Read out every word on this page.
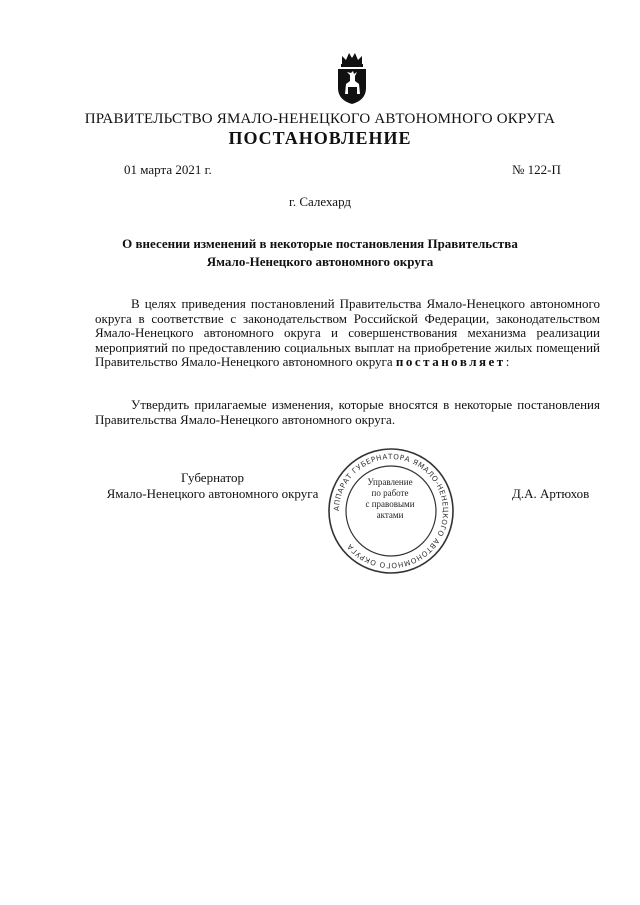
ПРАВИТЕЛЬСТВО ЯМАЛО-НЕНЕЦКОГО АВТОНОМНОГО ОКРУГА
ПОСТАНОВЛЕНИЕ
01 марта 2021 г.	№ 122-П
г. Салехард
О внесении изменений в некоторые постановления Правительства
Ямало-Ненецкого автономного округа
В целях приведения постановлений Правительства Ямало-Ненецкого автономного округа в соответствие с законодательством Российской Федерации, законодательством Ямало-Ненецкого автономного округа и совершенствования механизма реализации мероприятий по предоставлению социальных выплат на приобретение жилых помещений Правительство Ямало-Ненецкого автономного округа постановляет:
Утвердить прилагаемые изменения, которые вносятся в некоторые постановления Правительства Ямало-Ненецкого автономного округа.
Губернатор
Ямало-Ненецкого автономного округа
АППАРАТ ГУБЕРНАТОРА ЯМАЛО-НЕНЕЦКОГО АВТОНОМНОГО ОКРУГА
Управление
по работе
с правовыми
актами
Д.А. Артюхов
